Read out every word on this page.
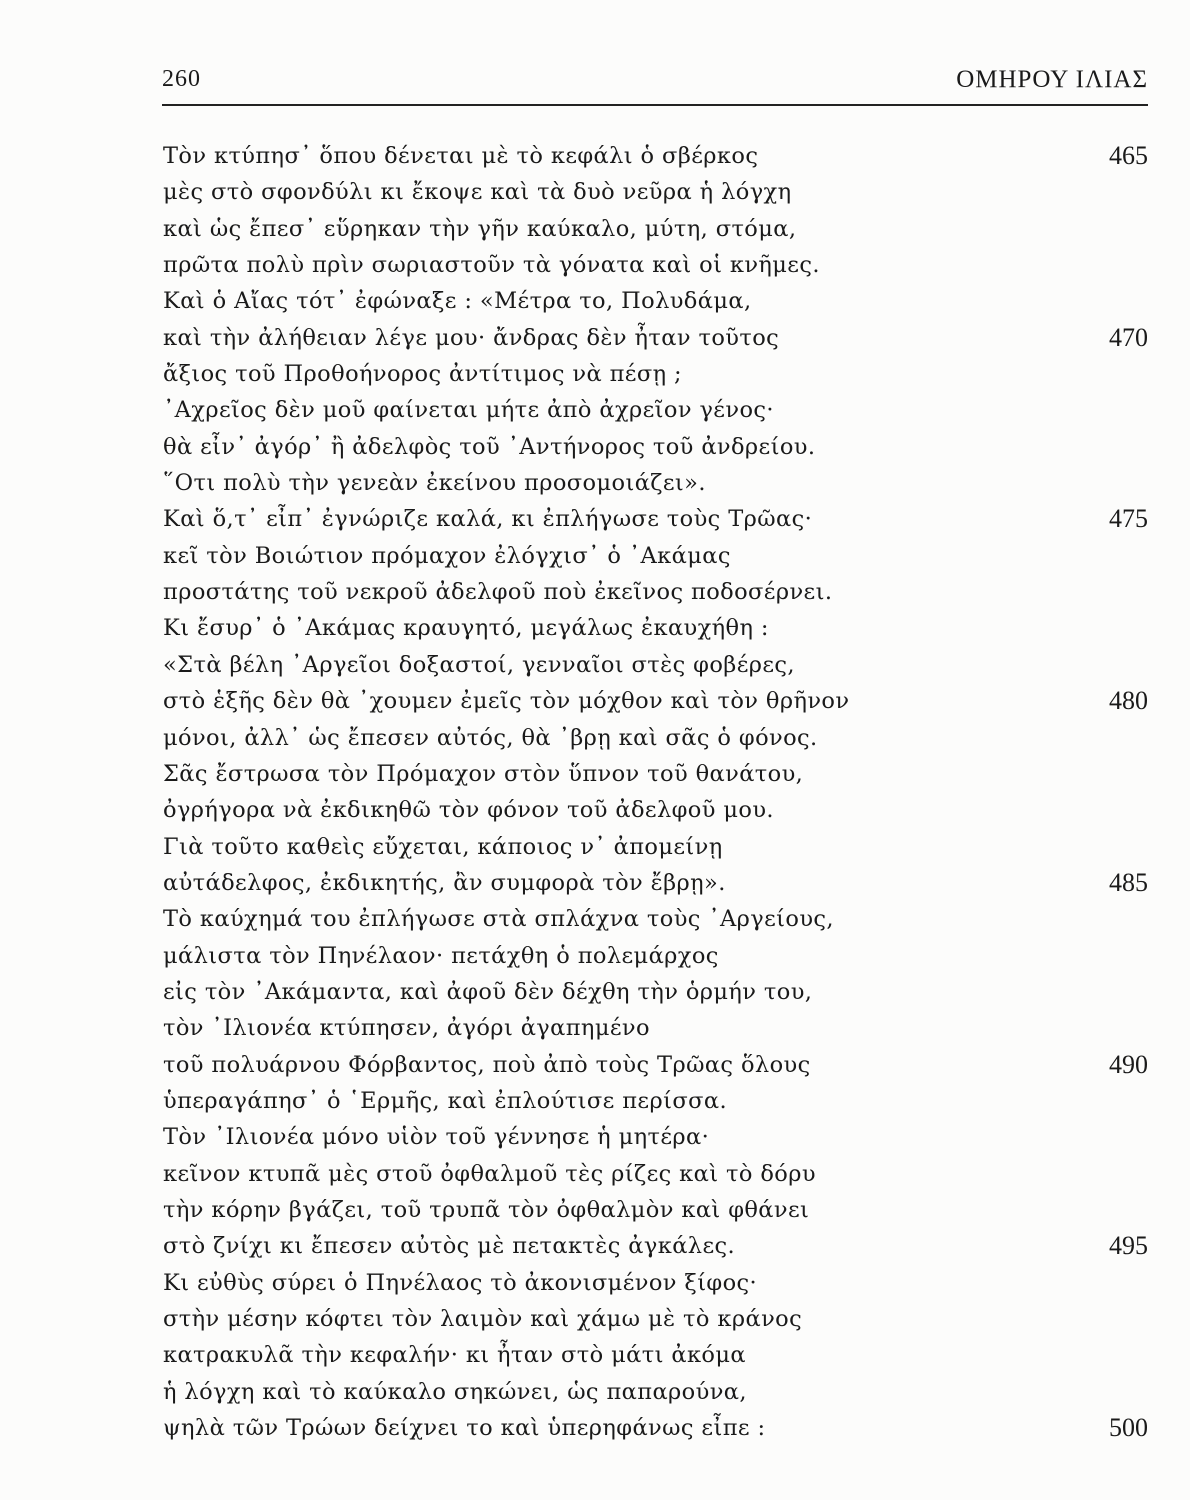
260	ΟΜΗΡΟΥ ΙΛΙΑΣ
Τὸν κτύπησ᾽ ὅπου δένεται μὲ τὸ κεφάλι ὁ σβέρκος	465
μὲς στὸ σφονδύλι κι ἔκοψε καὶ τὰ δυὸ νεῦρα ἡ λόγχη
καὶ ὡς ἔπεσ᾽ εὕρηκαν τὴν γῆν καύκαλο, μύτη, στόμα,
πρῶτα πολὺ πρὶν σωριαστοῦν τὰ γόνατα καὶ οἱ κνῆμες.
Καὶ ὁ Αἴας τότ᾽ ἐφώναξε : «Μέτρα το, Πολυδάμα,
καὶ τὴν ἀλήθειαν λέγε μου· ἄνδρας δὲν ἦταν τοῦτος	470
ἄξιος τοῦ Προθοήνορος ἀντίτιμος νὰ πέσῃ ;
᾽Αχρεῖος δὲν μοῦ φαίνεται μήτε ἀπὸ ἀχρεῖον γένος·
θὰ εἶν᾽ ἀγόρ᾽ ἢ ἀδελφὸς τοῦ ᾽Αντήνορος τοῦ ἀνδρείου.
῞Οτι πολὺ τὴν γενεὰν ἐκείνου προσομοιάζει».
Καὶ ὅ,τ᾽ εἶπ᾽ ἐγνώριζε καλά, κι ἐπλήγωσε τοὺς Τρῶας·	475
κεῖ τὸν Βοιώτιον πρόμαχον ἐλόγχισ᾽ ὁ ᾽Ακάμας
προστάτης τοῦ νεκροῦ ἀδελφοῦ ποὺ ἐκεῖνος ποδοσέρνει.
Κι ἔσυρ᾽ ὁ ᾽Ακάμας κραυγητό, μεγάλως ἐκαυχήθη :
«Στὰ βέλη ᾽Αργεῖοι δοξαστοί, γενναῖοι στὲς φοβέρες,
στὸ ἑξῆς δὲν θὰ ᾽χουμεν ἐμεῖς τὸν μόχθον καὶ τὸν θρῆνον	480
μόνοι, ἀλλ᾽ ὡς ἔπεσεν αὐτός, θὰ ᾽βρῃ καὶ σᾶς ὁ φόνος.
Σᾶς ἔστρωσα τὸν Πρόμαχον στὸν ὕπνον τοῦ θανάτου,
ὀγρήγορα νὰ ἐκδικηθῶ τὸν φόνον τοῦ ἀδελφοῦ μου.
Γιὰ τοῦτο καθεὶς εὔχεται, κάποιος ν᾽ ἀπομείνῃ
αὐτάδελφος, ἐκδικητής, ἂν συμφορὰ τὸν ἔβρῃ».	485
Τὸ καύχημά του ἐπλήγωσε στὰ σπλάχνα τοὺς ᾽Αργείους,
μάλιστα τὸν Πηνέλαον· πετάχθη ὁ πολεμάρχος
εἰς τὸν ᾽Ακάμαντα, καὶ ἀφοῦ δὲν δέχθη τὴν ὁρμήν του,
τὸν ᾽Ιλιονέα κτύπησεν, ἀγόρι ἀγαπημένο
τοῦ πολυάρνου Φόρβαντος, ποὺ ἀπὸ τοὺς Τρῶας ὅλους	490
ὑπεραγάπησ᾽ ὁ ῾Ερμῆς, καὶ ἐπλούτισε περίσσα.
Τὸν ᾽Ιλιονέα μόνο υἱὸν τοῦ γέννησε ἡ μητέρα·
κεῖνον κτυπᾶ μὲς στοῦ ὀφθαλμοῦ τὲς ρίζες καὶ τὸ δόρυ
τὴν κόρην βγάζει, τοῦ τρυπᾶ τὸν ὀφθαλμὸν καὶ φθάνει
στὸ ζνίχι κι ἔπεσεν αὐτὸς μὲ πετακτὲς ἀγκάλες.	495
Κι εὐθὺς σύρει ὁ Πηνέλαος τὸ ἀκονισμένον ξίφος·
στὴν μέσην κόφτει τὸν λαιμὸν καὶ χάμω μὲ τὸ κράνος
κατρακυλᾶ τὴν κεφαλήν· κι ἦταν στὸ μάτι ἀκόμα
ἡ λόγχη καὶ τὸ καύκαλο σηκώνει, ὡς παπαρούνα,
ψηλὰ τῶν Τρώων δείχνει το καὶ ὑπερηφάνως εἶπε :	500
